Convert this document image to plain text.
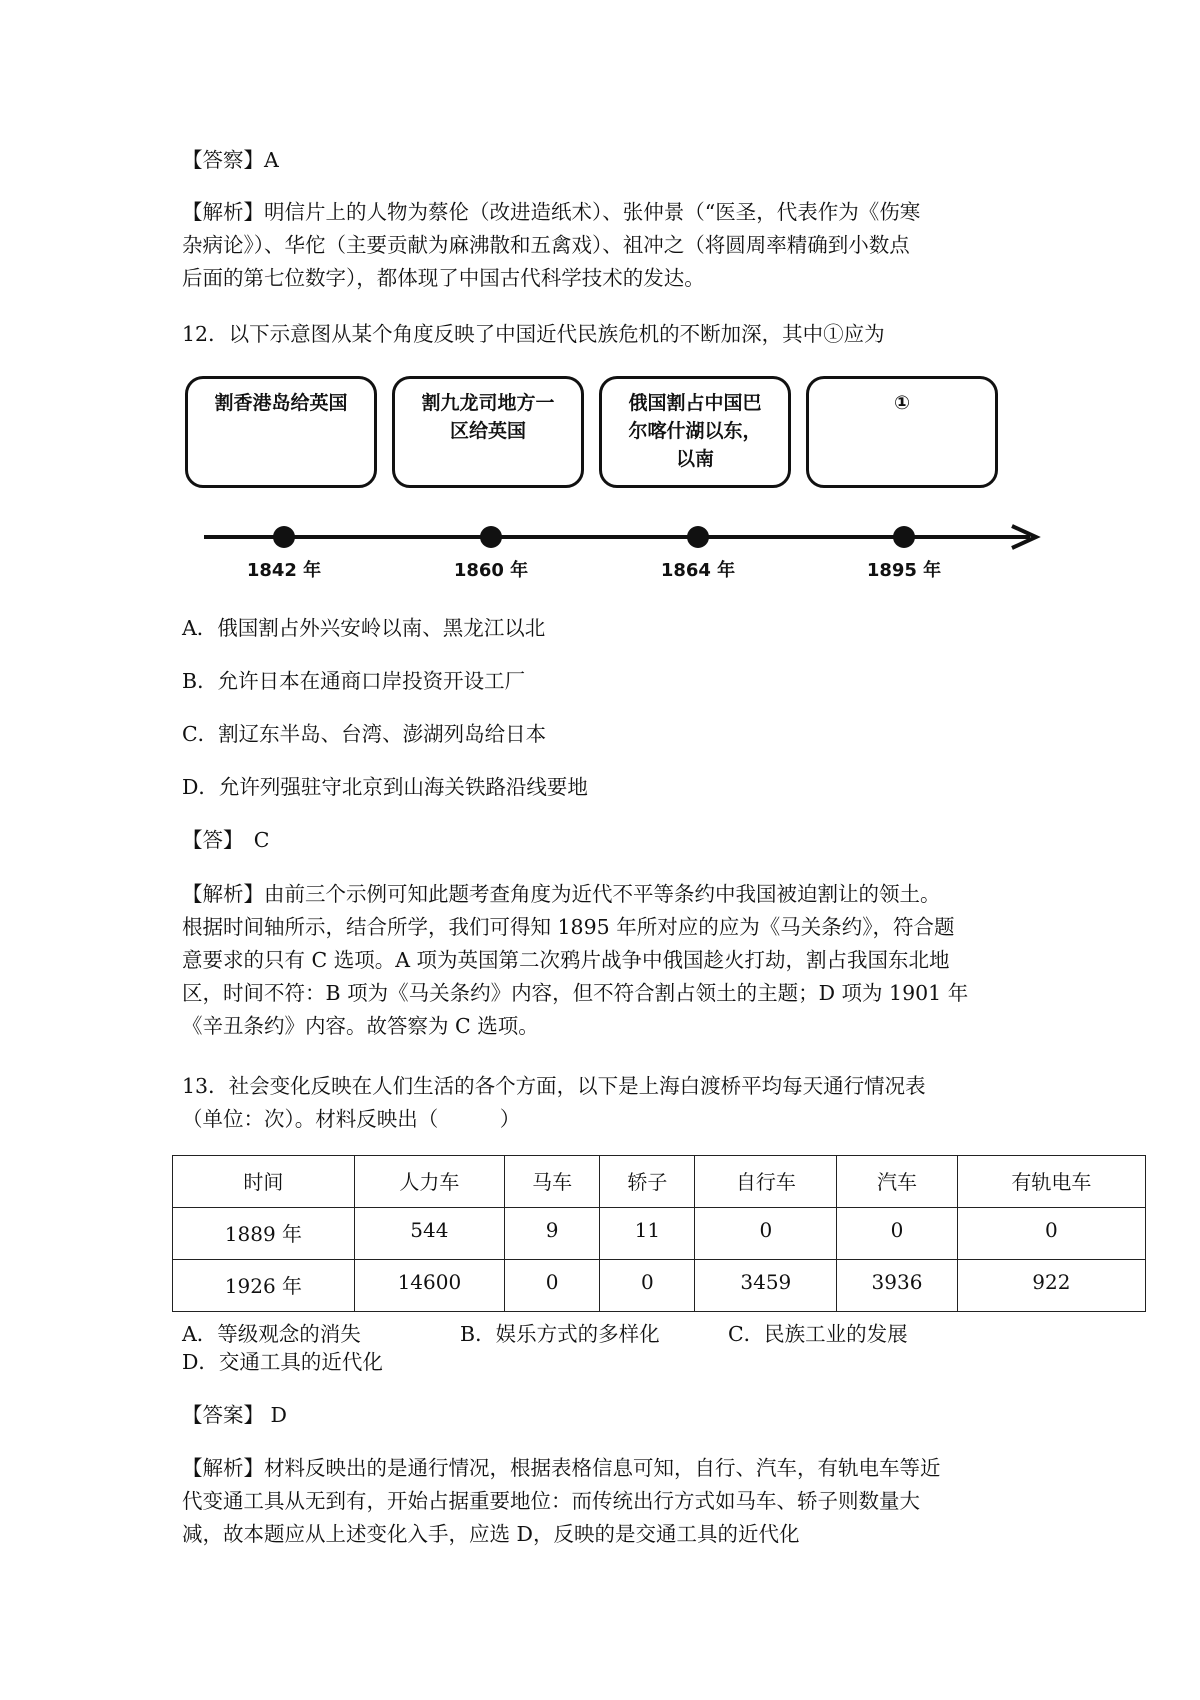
【答察】A
【解析】明信片上的人物为蔡伦（改进造纸术）、张仲景（“医圣，代表作为《伤寒
杂病论》）、华佗（主要贡献为麻沸散和五禽戏）、祖冲之（将圆周率精确到小数点
后面的第七位数字），都体现了中国古代科学技术的发达。
12．以下示意图从某个角度反映了中国近代民族危机的不断加深，其中①应为
割香港岛给英国	割九龙司地方一
区给英国
俄国割占中国巴
尔喀什湖以东，
以南
①
1842 年	1860 年	1864 年	1895 年
A．俄国割占外兴安岭以南、黑龙江以北
B．允许日本在通商口岸投资开设工厂
C．割辽东半岛、台湾、澎湖列岛给日本
D．允许列强驻守北京到山海关铁路沿线要地
【答】　C
【解析】由前三个示例可知此题考查角度为近代不平等条约中我国被迫割让的领土。
根据时间轴所示，结合所学，我们可得知 1895 年所对应的应为《马关条约》，符合题
意要求的只有 C 选项。A 项为英国第二次鸦片战争中俄国趁火打劫，割占我国东北地
区，时间不符：B 项为《马关条约》内容，但不符合割占领土的主题；D 项为 1901 年
《辛丑条约》内容。故答察为 C 选项。
13．社会变化反映在人们生活的各个方面，以下是上海白渡桥平均每天通行情况表
（单位：次）。材料反映出（　　　）
时间	人力车	马车	轿子	自行车	汽车	有轨电车
1889 年	544	9	11	0	0	0
1926 年	14600	0	0	3459	3936	922
A．等级观念的消失	B．娱乐方式的多样化	C．民族工业的发展
D．交通工具的近代化
【答案】 D
【解析】材料反映出的是通行情况，根据表格信息可知，自行、汽车，有轨电车等近
代变通工具从无到有，开始占据重要地位：而传统出行方式如马车、轿子则数量大
减，故本题应从上述变化入手，应选 D，反映的是交通工具的近代化
